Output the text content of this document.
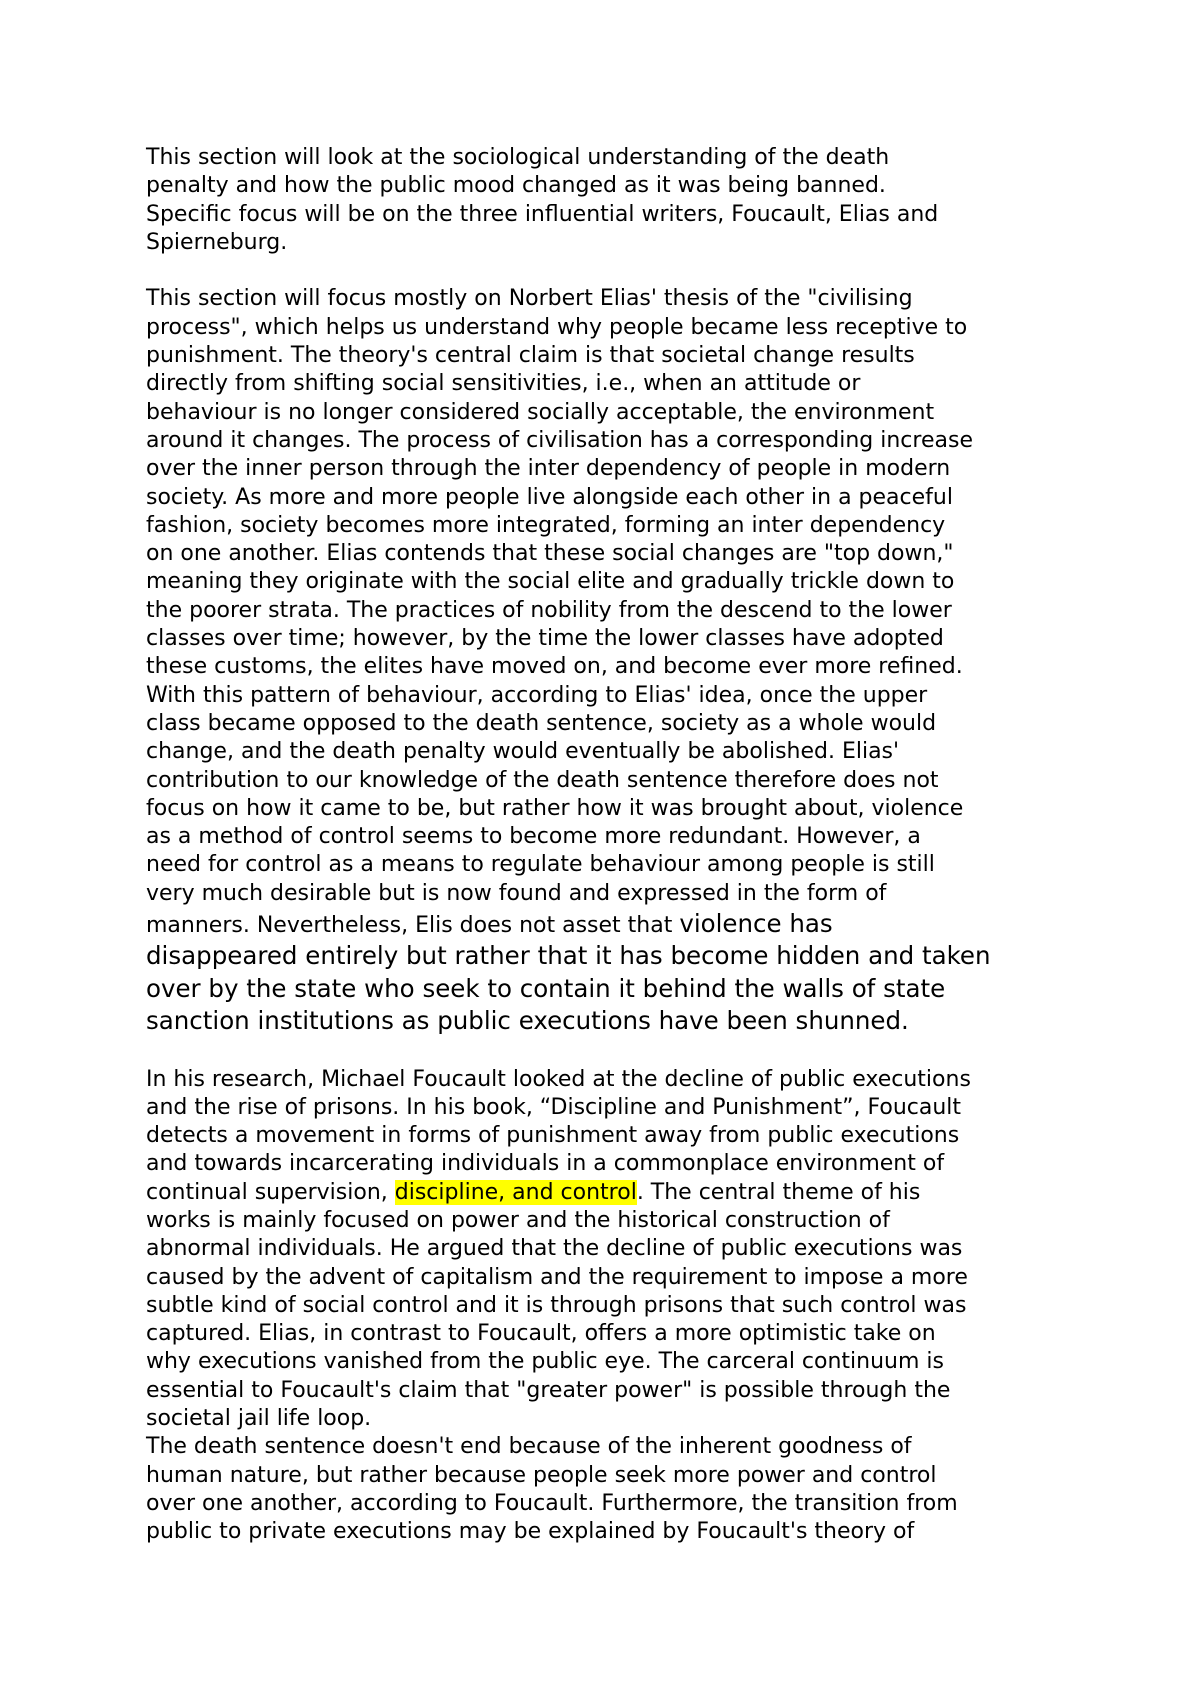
This section will look at the sociological understanding of the death
penalty and how the public mood changed as it was being banned.
Specific focus will be on the three influential writers, Foucault, Elias and
Spierneburg.

This section will focus mostly on Norbert Elias' thesis of the "civilising
process", which helps us understand why people became less receptive to
punishment. The theory's central claim is that societal change results
directly from shifting social sensitivities, i.e., when an attitude or
behaviour is no longer considered socially acceptable, the environment
around it changes. The process of civilisation has a corresponding increase
over the inner person through the inter dependency of people in modern
society. As more and more people live alongside each other in a peaceful
fashion, society becomes more integrated, forming an inter dependency
on one another. Elias contends that these social changes are "top down,"
meaning they originate with the social elite and gradually trickle down to
the poorer strata. The practices of nobility from the descend to the lower
classes over time; however, by the time the lower classes have adopted
these customs, the elites have moved on, and become ever more refined.
With this pattern of behaviour, according to Elias' idea, once the upper
class became opposed to the death sentence, society as a whole would
change, and the death penalty would eventually be abolished. Elias'
contribution to our knowledge of the death sentence therefore does not
focus on how it came to be, but rather how it was brought about, violence
as a method of control seems to become more redundant. However, a
need for control as a means to regulate behaviour among people is still
very much desirable but is now found and expressed in the form of
manners. Nevertheless, Elis does not asset that violence has
disappeared entirely but rather that it has become hidden and taken
over by the state who seek to contain it behind the walls of state
sanction institutions as public executions have been shunned.

In his research, Michael Foucault looked at the decline of public executions
and the rise of prisons. In his book, “Discipline and Punishment”, Foucault
detects a movement in forms of punishment away from public executions
and towards incarcerating individuals in a commonplace environment of
continual supervision, discipline, and control. The central theme of his
works is mainly focused on power and the historical construction of
abnormal individuals. He argued that the decline of public executions was
caused by the advent of capitalism and the requirement to impose a more
subtle kind of social control and it is through prisons that such control was
captured. Elias, in contrast to Foucault, offers a more optimistic take on
why executions vanished from the public eye. The carceral continuum is
essential to Foucault's claim that "greater power" is possible through the
societal jail life loop.

The death sentence doesn't end because of the inherent goodness of
human nature, but rather because people seek more power and control
over one another, according to Foucault. Furthermore, the transition from
public to private executions may be explained by Foucault's theory of
